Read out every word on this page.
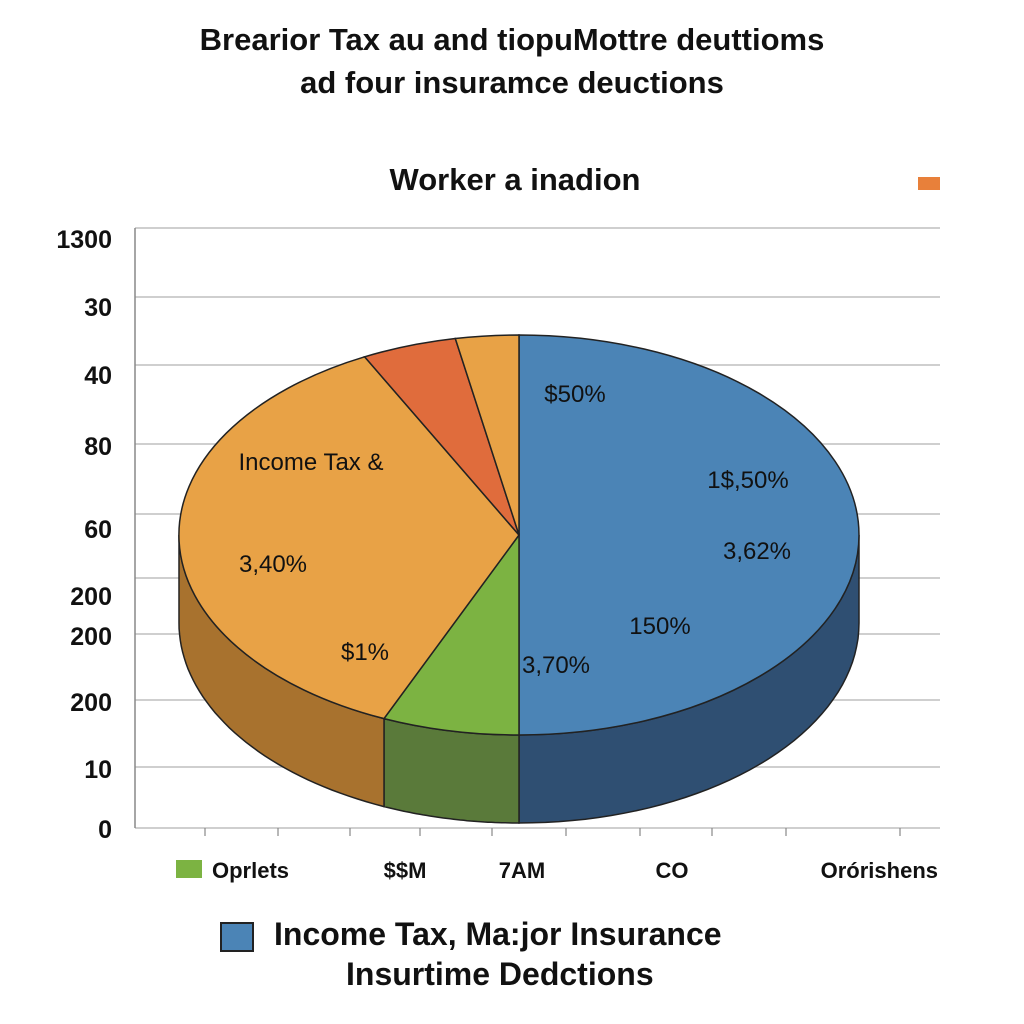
Brearior Tax au and tiopuMottre deuttioms
ad four insuramce deuctions
Worker a inadion
1300
30
40
80
60
200
200
200
10
0
$50%
1$,50%
3,62%
150%
3,70%
Income Tax &
3,40%
$1%
Oprlets	$$M	7AM	CO	Orórishens
Income Tax, Ma:jor Insurance
Insurtime Dedctions
